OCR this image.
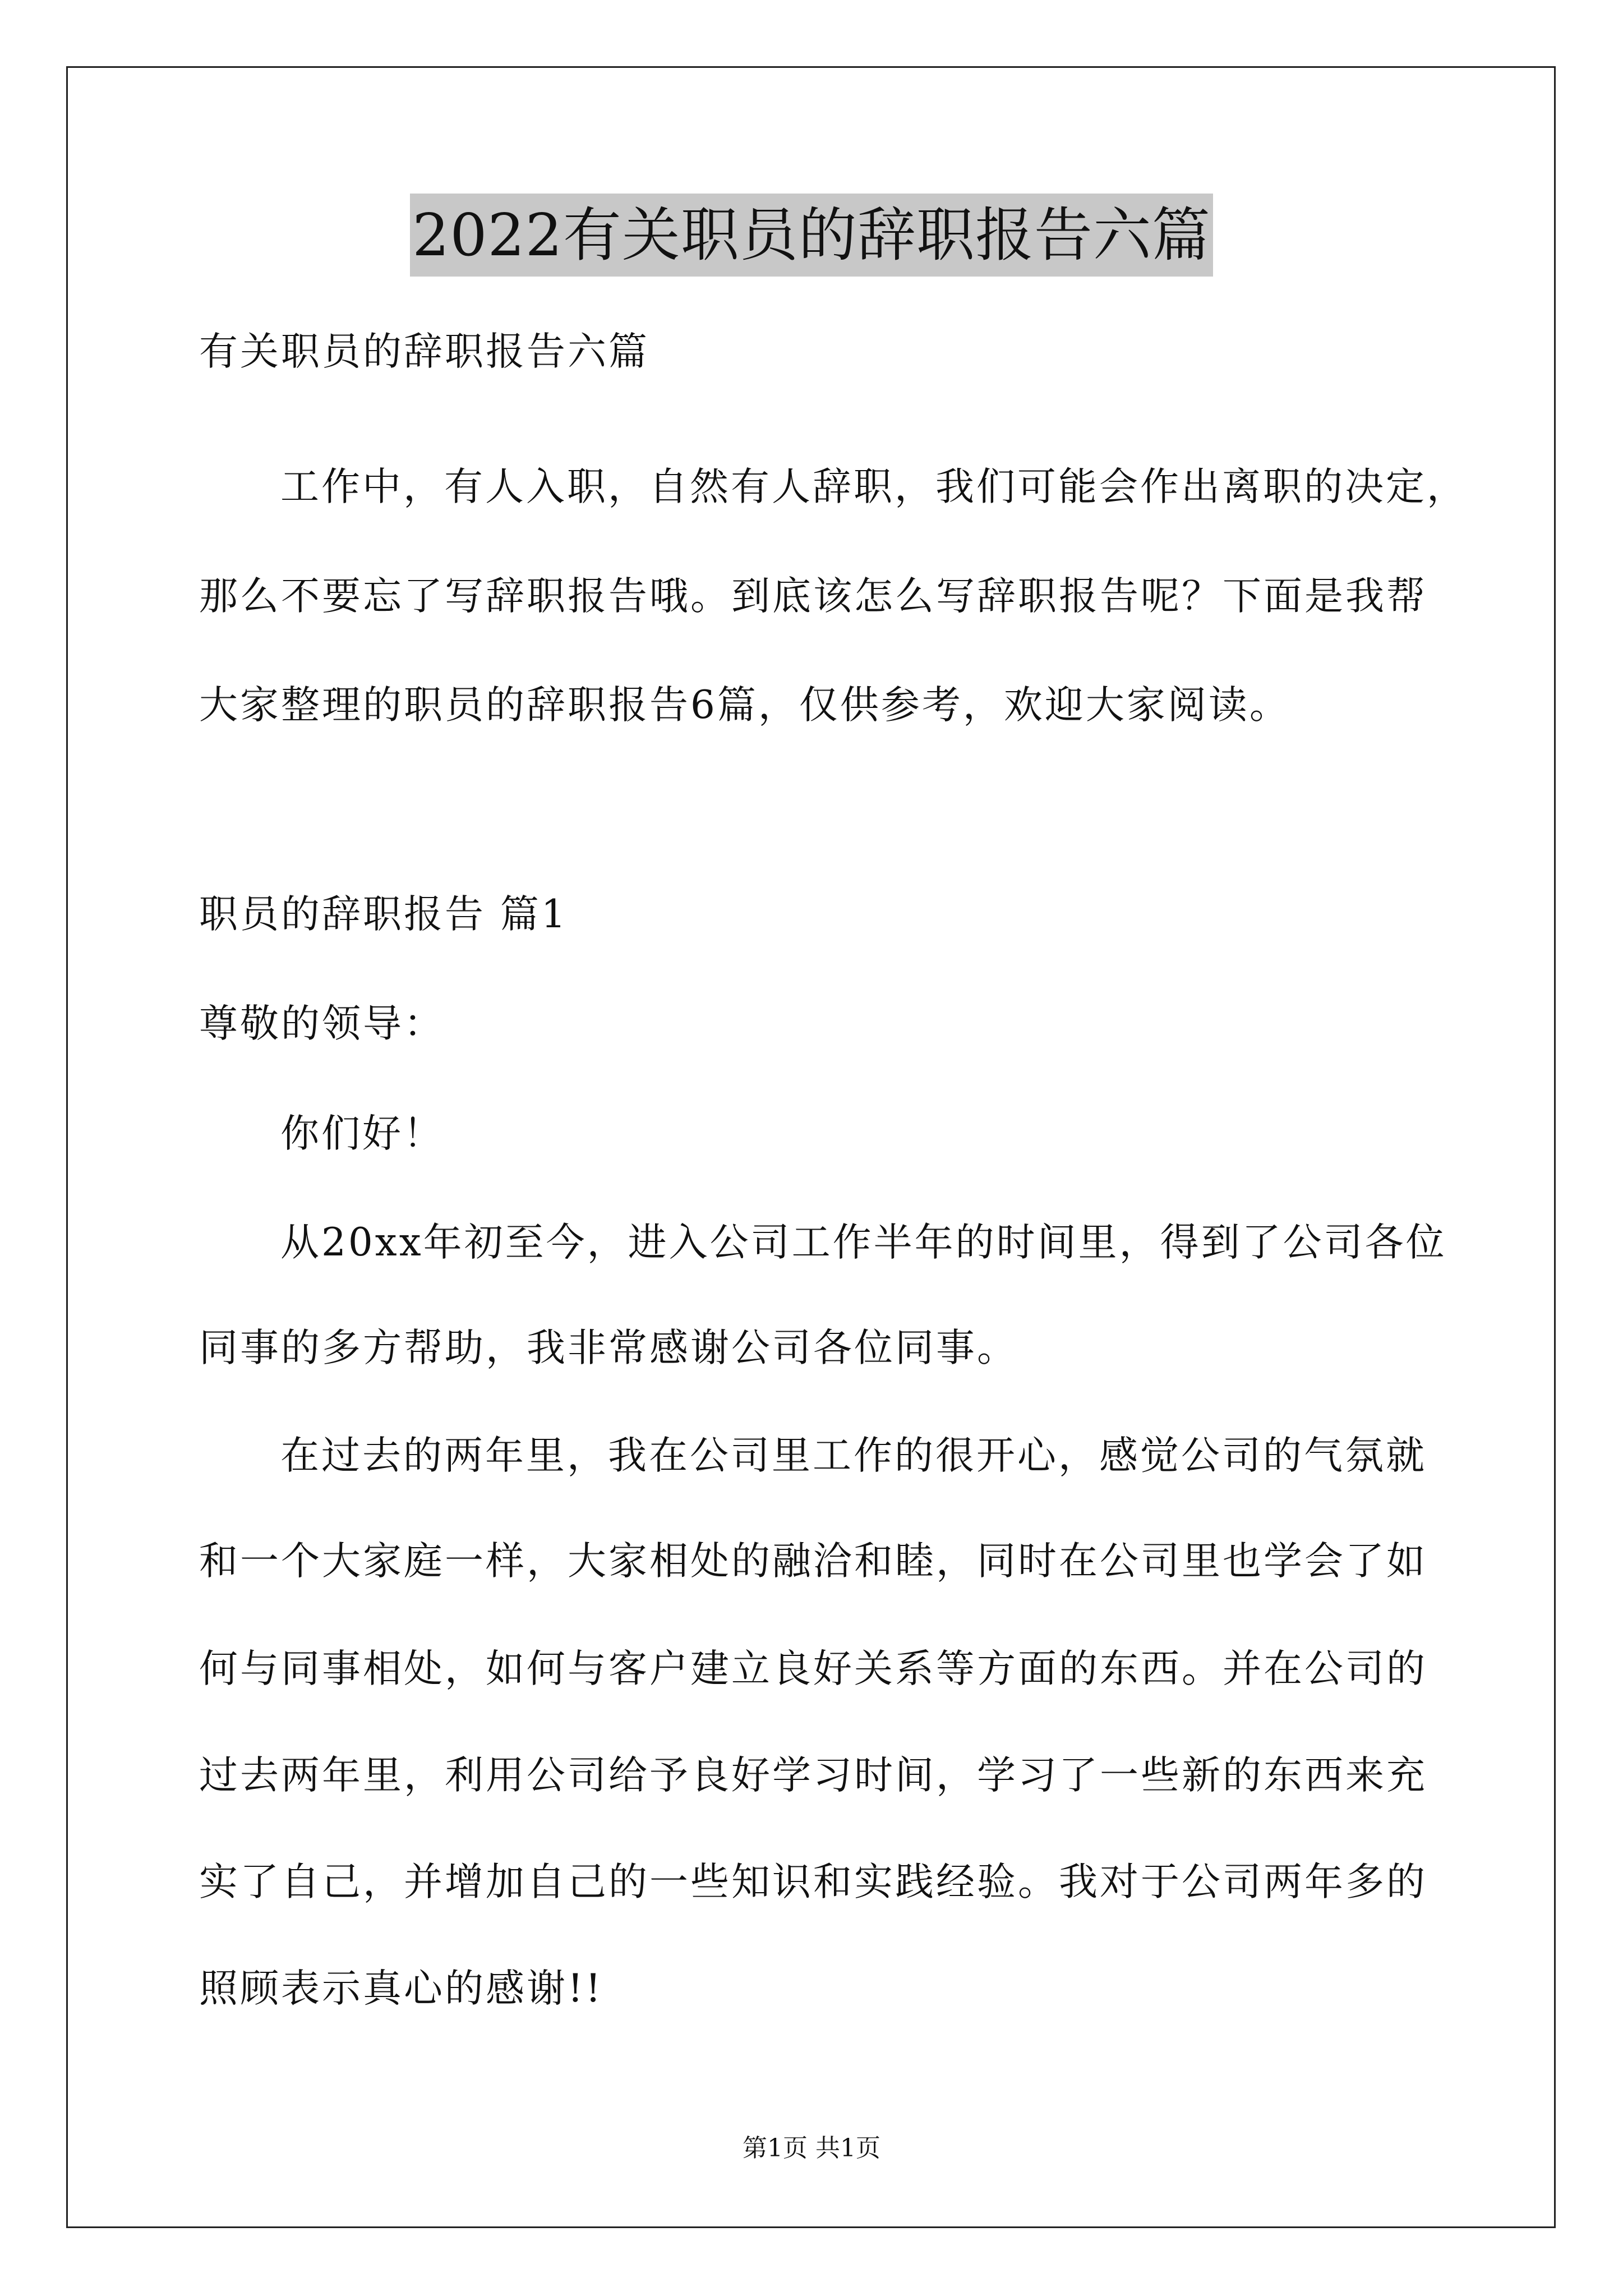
2022有关职员的辞职报告六篇
有关职员的辞职报告六篇
工作中，有人入职，自然有人辞职，我们可能会作出离职的决定，
那么不要忘了写辞职报告哦。到底该怎么写辞职报告呢？下面是我帮
大家整理的职员的辞职报告6篇，仅供参考，欢迎大家阅读。
职员的辞职报告 篇1
尊敬的领导：
你们好！
从20xx年初至今，进入公司工作半年的时间里，得到了公司各位
同事的多方帮助，我非常感谢公司各位同事。
在过去的两年里，我在公司里工作的很开心，感觉公司的气氛就
和一个大家庭一样，大家相处的融洽和睦，同时在公司里也学会了如
何与同事相处，如何与客户建立良好关系等方面的东西。并在公司的
过去两年里，利用公司给予良好学习时间，学习了一些新的东西来充
实了自己，并增加自己的一些知识和实践经验。我对于公司两年多的
照顾表示真心的感谢!!
第1页 共1页
